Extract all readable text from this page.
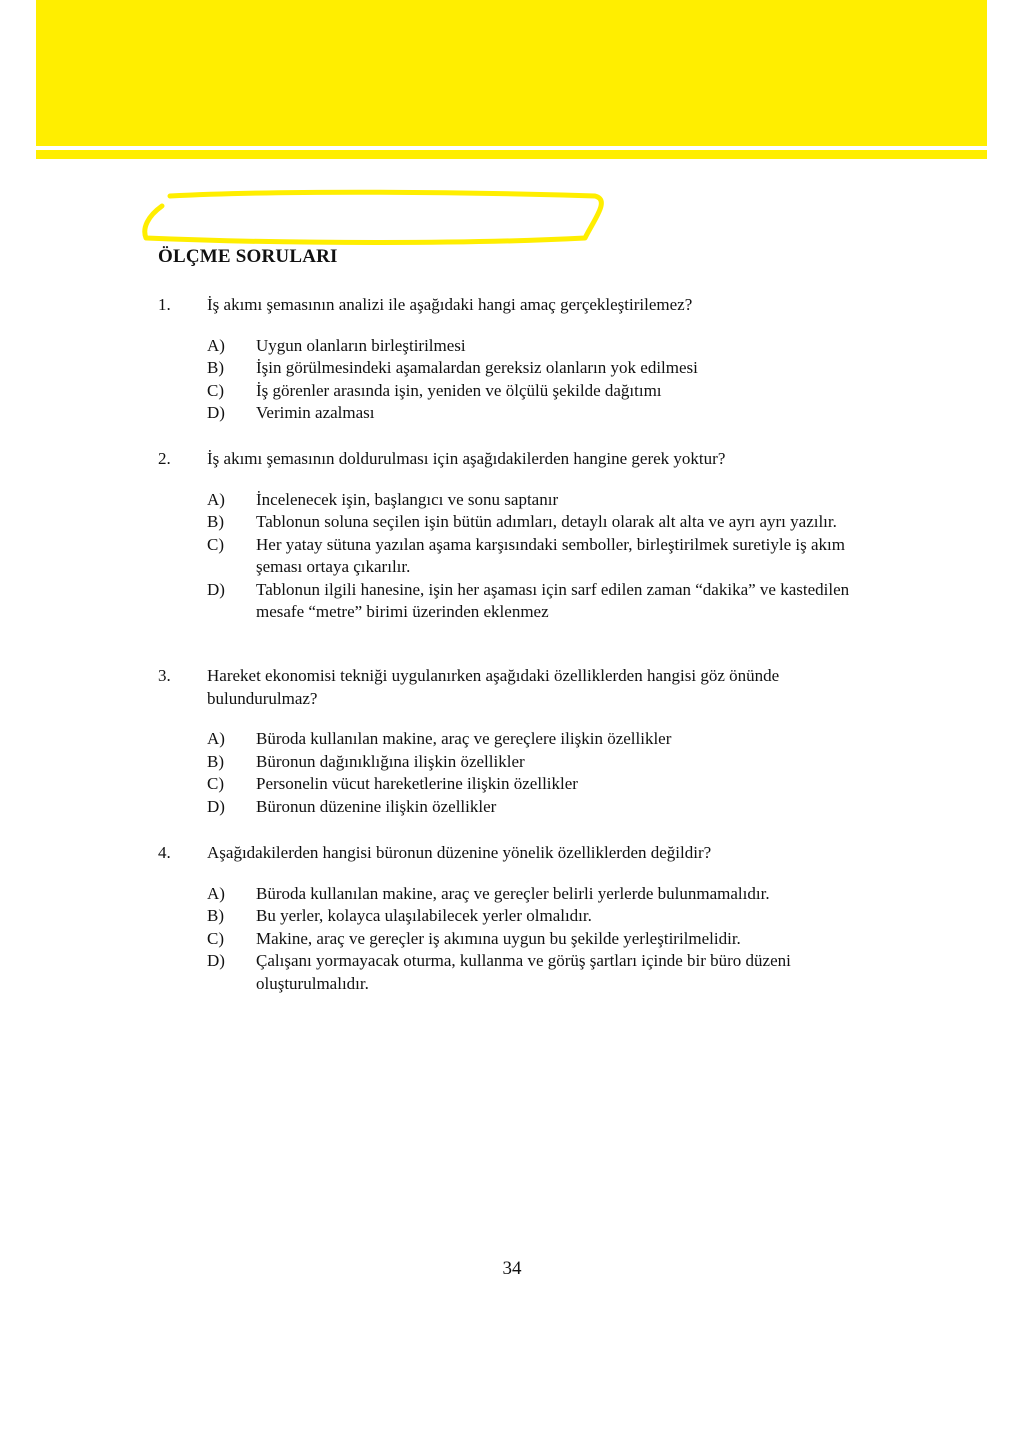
ÖLÇME SORULARI
1.	İş akımı şemasının analizi ile aşağıdaki hangi amaç gerçekleştirilemez?
A)	Uygun olanların birleştirilmesi
B)	İşin görülmesindeki aşamalardan gereksiz olanların yok edilmesi
C)	İş görenler arasında işin, yeniden ve ölçülü şekilde dağıtımı
D)	Verimin azalması
2.	İş akımı şemasının doldurulması için aşağıdakilerden hangine gerek yoktur?
A)	İncelenecek işin, başlangıcı ve sonu saptanır
B)	Tablonun soluna seçilen işin bütün adımları, detaylı olarak alt alta ve ayrı ayrı yazılır.
C)	Her yatay sütuna yazılan aşama karşısındaki semboller, birleştirilmek suretiyle iş akım şeması ortaya çıkarılır.
D)	Tablonun ilgili hanesine, işin her aşaması için sarf edilen zaman “dakika” ve kastedilen mesafe “metre” birimi üzerinden eklenmez
3.	Hareket ekonomisi tekniği uygulanırken aşağıdaki özelliklerden hangisi göz önünde bulundurulmaz?
A)	Büroda kullanılan makine, araç ve gereçlere ilişkin özellikler
B)	Büronun dağınıklığına ilişkin özellikler
C)	Personelin vücut hareketlerine ilişkin özellikler
D)	Büronun düzenine ilişkin özellikler
4.	Aşağıdakilerden hangisi büronun düzenine yönelik özelliklerden değildir?
A)	Büroda kullanılan makine, araç ve gereçler belirli yerlerde bulunmamalıdır.
B)	Bu yerler, kolayca ulaşılabilecek yerler olmalıdır.
C)	Makine, araç ve gereçler iş akımına uygun bu şekilde yerleştirilmelidir.
D)	Çalışanı yormayacak oturma, kullanma ve görüş şartları içinde bir büro düzeni oluşturulmalıdır.
34
